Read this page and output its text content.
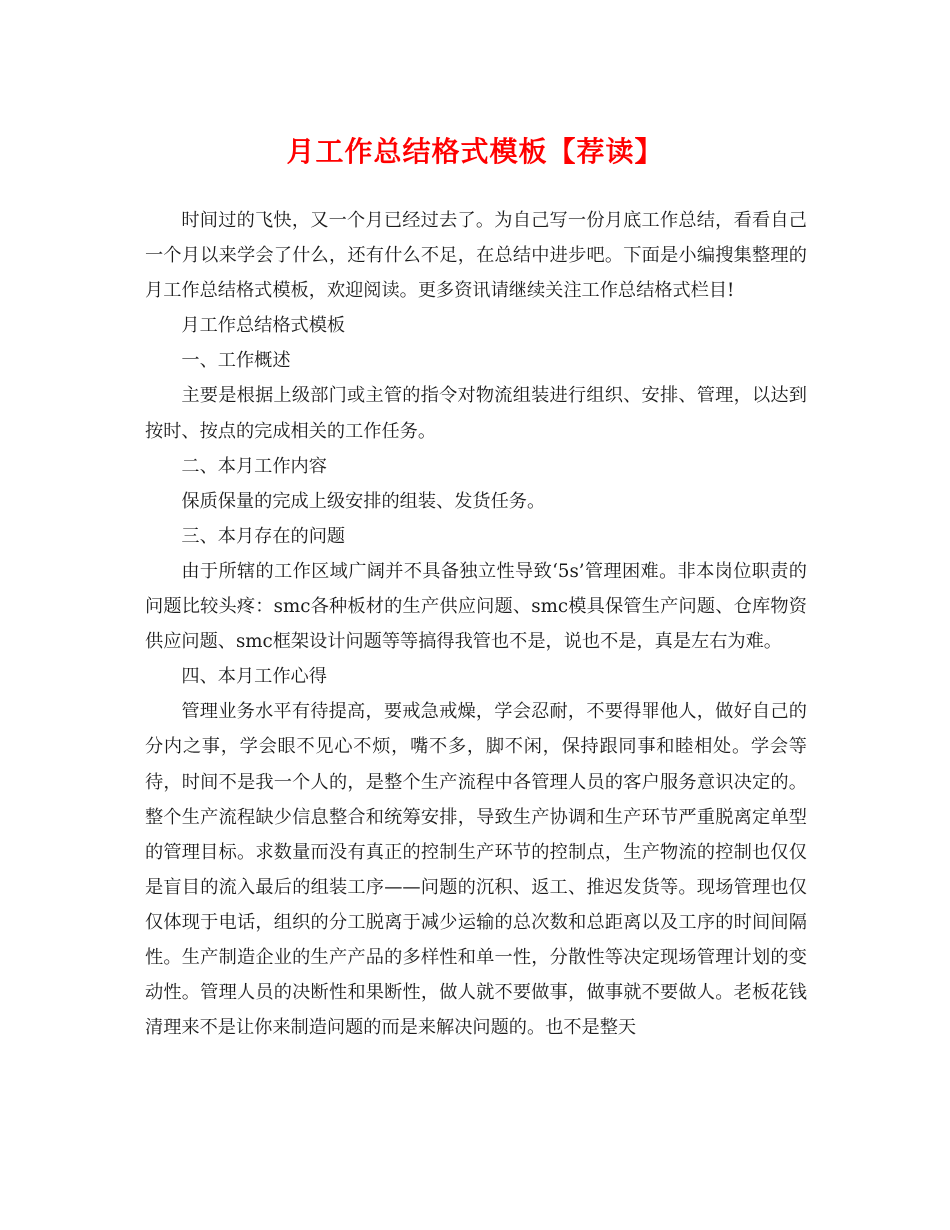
月工作总结格式模板【荐读】

时间过的飞快，又一个月已经过去了。为自己写一份月底工作总结，看看自己一个月以来学会了什么，还有什么不足，在总结中进步吧。下面是小编搜集整理的月工作总结格式模板，欢迎阅读。更多资讯请继续关注工作总结格式栏目!

月工作总结格式模板

一、工作概述

主要是根据上级部门或主管的指令对物流组装进行组织、安排、管理，以达到按时、按点的完成相关的工作任务。

二、本月工作内容

保质保量的完成上级安排的组装、发货任务。

三、本月存在的问题

由于所辖的工作区域广阔并不具备独立性导致‘5s’管理困难。非本岗位职责的问题比较头疼：smc各种板材的生产供应问题、smc模具保管生产问题、仓库物资供应问题、smc框架设计问题等等搞得我管也不是，说也不是，真是左右为难。

四、本月工作心得

管理业务水平有待提高，要戒急戒燥，学会忍耐，不要得罪他人，做好自己的分内之事，学会眼不见心不烦，嘴不多，脚不闲，保持跟同事和睦相处。学会等待，时间不是我一个人的，是整个生产流程中各管理人员的客户服务意识决定的。整个生产流程缺少信息整合和统筹安排，导致生产协调和生产环节严重脱离定单型的管理目标。求数量而没有真正的控制生产环节的控制点，生产物流的控制也仅仅是盲目的流入最后的组装工序——问题的沉积、返工、推迟发货等。现场管理也仅仅体现于电话，组织的分工脱离于减少运输的总次数和总距离以及工序的时间间隔性。生产制造企业的生产产品的多样性和单一性，分散性等决定现场管理计划的变动性。管理人员的决断性和果断性，做人就不要做事，做事就不要做人。老板花钱清理来不是让你来制造问题的而是来解决问题的。也不是整天
